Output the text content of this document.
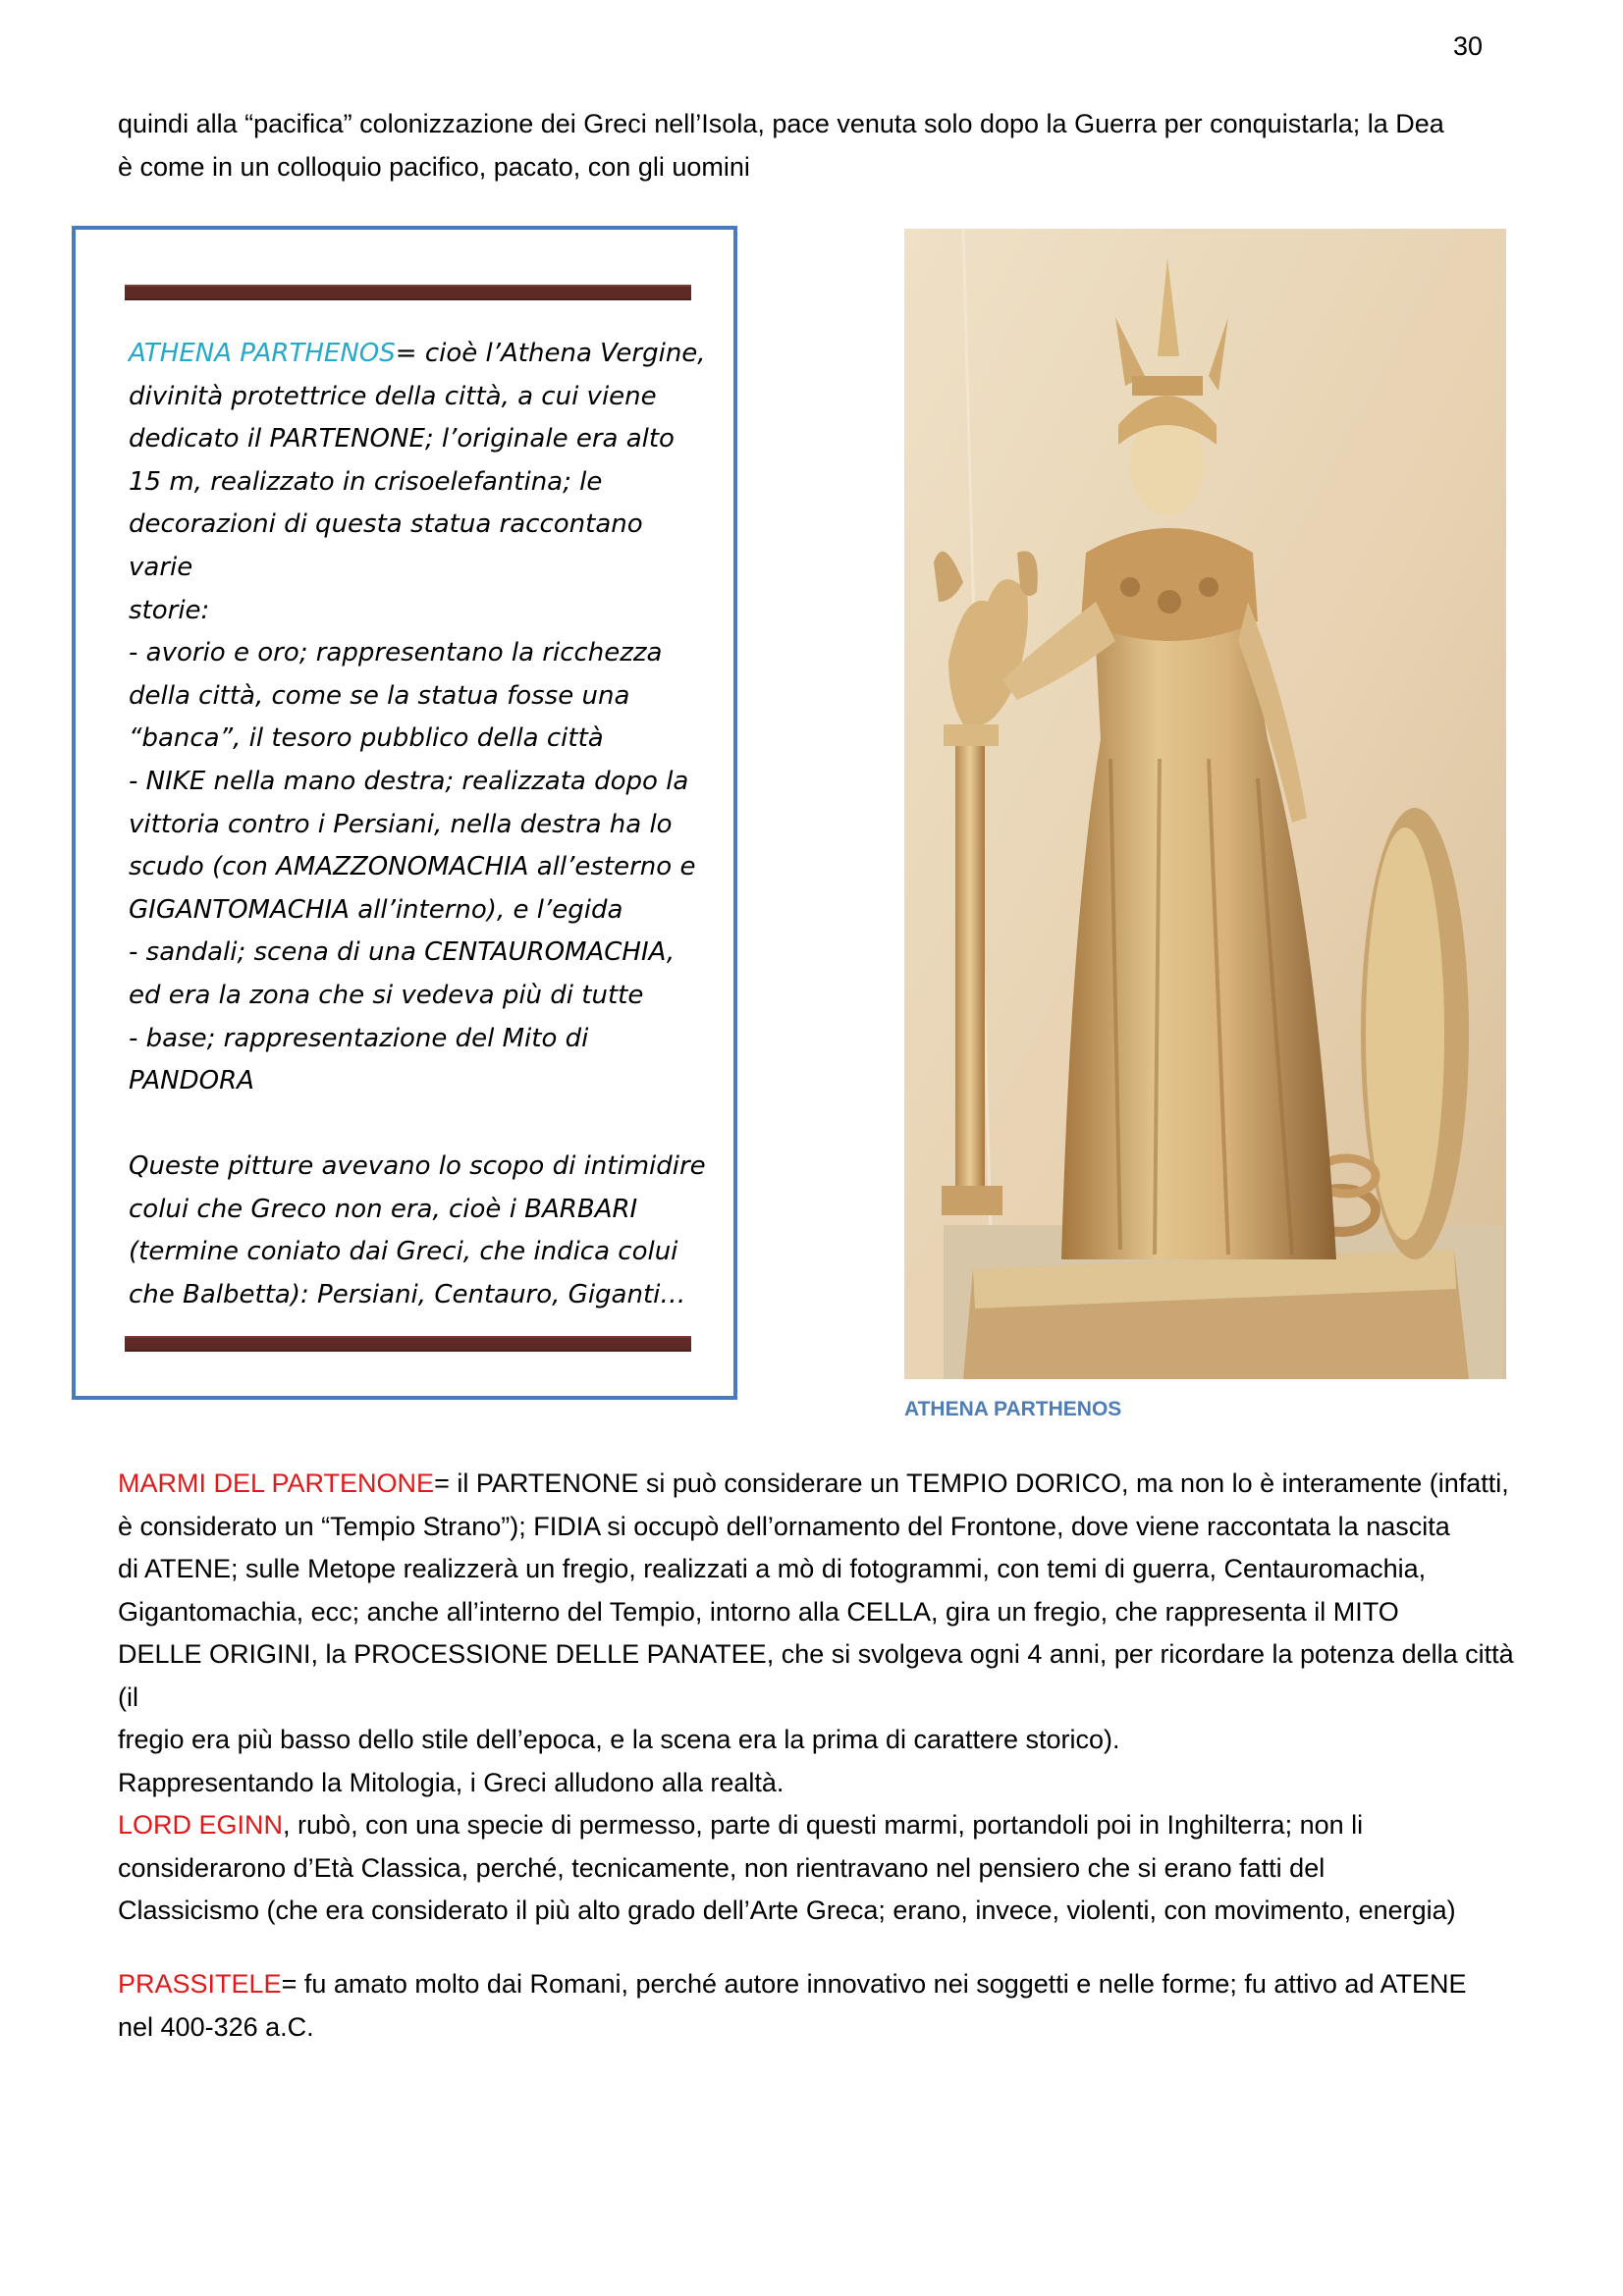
30
quindi alla “pacifica” colonizzazione dei Greci nell’Isola, pace venuta solo dopo la Guerra per conquistarla; la Dea
è come in un colloquio pacifico, pacato, con gli uomini

ATHENA PARTHENOS= cioè l’Athena Vergine,

divinità protettrice della città, a cui viene

dedicato il PARTENONE; l’originale era alto

15 m, realizzato in crisoelefantina; le

decorazioni di questa statua raccontano varie

storie:

- avorio e oro; rappresentano la ricchezza

della città, come se la statua fosse una

“banca”, il tesoro pubblico della città

- NIKE nella mano destra; realizzata dopo la

vittoria contro i Persiani, nella destra ha lo

scudo (con AMAZZONOMACHIA all’esterno e

GIGANTOMACHIA all’interno), e l’egida

- sandali; scena di una CENTAUROMACHIA,

ed era la zona che si vedeva più di tutte

- base; rappresentazione del Mito di

PANDORA

Queste pitture avevano lo scopo di intimidire

colui che Greco non era, cioè i BARBARI

(termine coniato dai Greci, che indica colui

che Balbetta): Persiani, Centauro, Giganti…

ATHENA PARTHENOS
MARMI DEL PARTENONE= il PARTENONE si può considerare un TEMPIO DORICO, ma non lo è interamente (infatti,
è considerato un “Tempio Strano”); FIDIA si occupò dell’ornamento del Frontone, dove viene raccontata la nascita
di ATENE; sulle Metope realizzerà un fregio, realizzati a mò di fotogrammi, con temi di guerra, Centauromachia,
Gigantomachia, ecc; anche all’interno del Tempio, intorno alla CELLA, gira un fregio, che rappresenta il MITO
DELLE ORIGINI, la PROCESSIONE DELLE PANATEE, che si svolgeva ogni 4 anni, per ricordare la potenza della città (il
fregio era più basso dello stile dell’epoca, e la scena era la prima di carattere storico).
Rappresentando la Mitologia, i Greci alludono alla realtà.
LORD EGINN, rubò, con una specie di permesso, parte di questi marmi, portandoli poi in Inghilterra; non li
considerarono d’Età Classica, perché, tecnicamente, non rientravano nel pensiero che si erano fatti del
Classicismo (che era considerato il più alto grado dell’Arte Greca; erano, invece, violenti, con movimento, energia)
PRASSITELE= fu amato molto dai Romani, perché autore innovativo nei soggetti e nelle forme; fu attivo ad ATENE
nel 400-326 a.C.
